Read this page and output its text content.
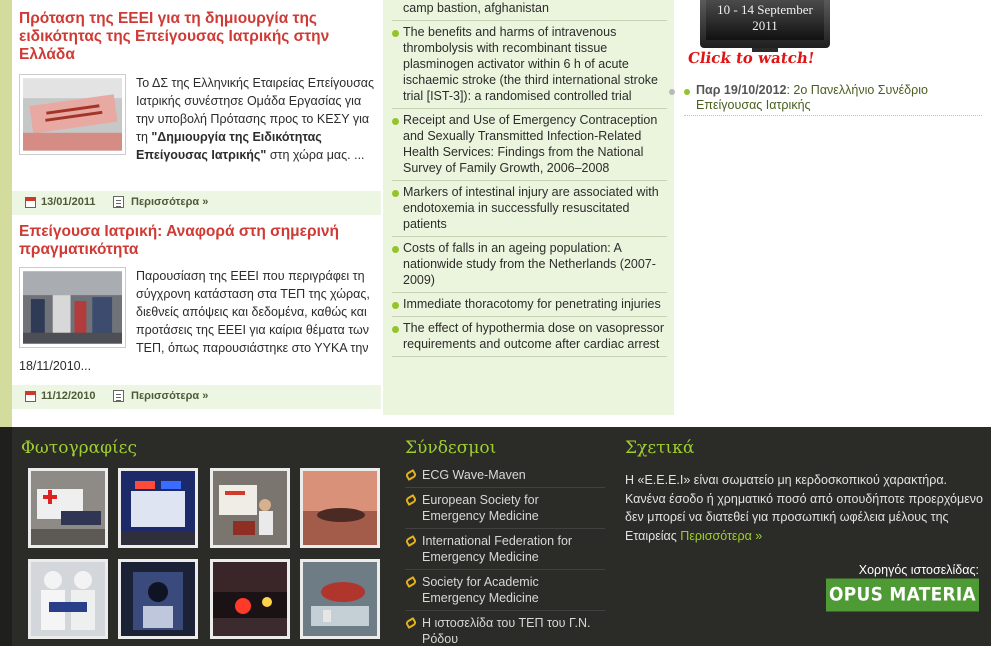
Πρόταση της ΕΕΕΙ για τη δημιουργία της ειδικότητας της Επείγουσας Ιατρικής στην Ελλάδα
Το ΔΣ της Ελληνικής Εταιρείας Επείγουσας Ιατρικής συνέστησε Ομάδα Εργασίας για την υποβολή Πρότασης προς το ΚΕΣΥ για τη "Δημιουργία της Ειδικότητας Επείγουσας Ιατρικής" στη χώρα μας. ...
13/01/2011	Περισσότερα »
Επείγουσα Ιατρική: Αναφορά στη σημερινή πραγματικότητα
Παρουσίαση της ΕΕΕΙ που περιγράφει τη σύγχρονη κατάσταση στα ΤΕΠ της χώρας, διεθνείς απόψεις και δεδομένα, καθώς και προτάσεις της ΕΕΕΙ για καίρια θέματα των ΤΕΠ, όπως παρουσιάστηκε στο ΥΥΚΑ την 18/11/2010...
11/12/2010	Περισσότερα »
camp bastion, afghanistan
The benefits and harms of intravenous thrombolysis with recombinant tissue plasminogen activator within 6 h of acute ischaemic stroke (the third international stroke trial [IST-3]): a randomised controlled trial
Receipt and Use of Emergency Contraception and Sexually Transmitted Infection-Related Health Services: Findings from the National Survey of Family Growth, 2006–2008
Markers of intestinal injury are associated with endotoxemia in successfully resuscitated patients
Costs of falls in an ageing population: A nationwide study from the Netherlands (2007-2009)
Immediate thoracotomy for penetrating injuries
The effect of hypothermia dose on vasopressor requirements and outcome after cardiac arrest
10 - 14 September 2011
Click to watch!
Παρ 19/10/2012: 2ο Πανελλήνιο Συνέδριο Επείγουσας Ιατρικής
Φωτογραφίες	Σύνδεσμοι
ECG Wave-Maven
European Society for Emergency Medicine
International Federation for Emergency Medicine
Society for Academic Emergency Medicine
Η ιστοσελίδα του ΤΕΠ του Γ.Ν. Ρόδου
Σχετικά
Η «Ε.Ε.Ε.Ι» είναι σωματείο μη κερδοσκοπικού χαρακτήρα. Κανένα έσοδο ή χρηματικό ποσό από οπουδήποτε προερχόμενο δεν μπορεί να διατεθεί για προσωπική ωφέλεια μέλους της Εταιρείας Περισσότερα »
Χορηγός ιστοσελίδας:
OPUS MATERIA
